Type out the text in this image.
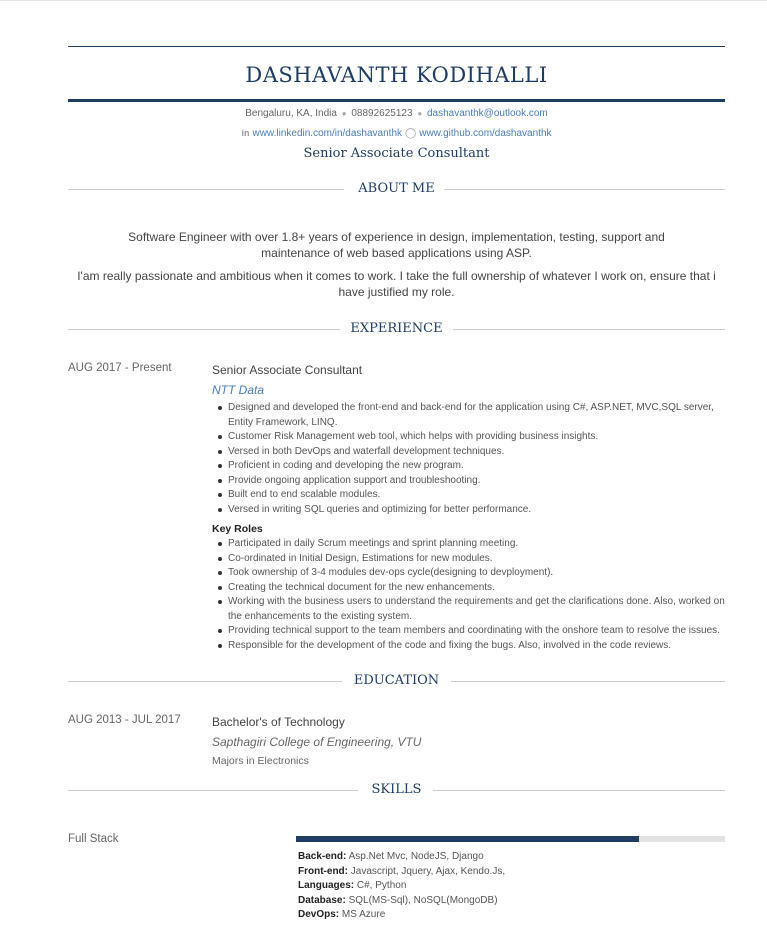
DASHAVANTH KODIHALLI
Bengaluru, KA, India ● 08892625123 ● dashavanthk@outlook.com
in www.linkedin.com/in/dashavanthk ◯ www.github.com/dashavanthk
Senior Associate Consultant
ABOUT ME

Software Engineer with over 1.8+ years of experience in design, implementation, testing, support and

maintenance of web based applications using ASP.

I'am really passionate and ambitious when it comes to work. I take the full ownership of whatever I work on, ensure that i

have justified my role.

EXPERIENCE
AUG 2017 - Present	Senior Associate Consultant
NTT Data
Designed and developed the front-end and back-end for the application using C#, ASP.NET, MVC,SQL server, Entity Framework, LINQ.
Customer Risk Management web tool, which helps with providing business insights.
Versed in both DevOps and waterfall development techniques.
Proficient in coding and developing the new program.
Provide ongoing application support and troubleshooting.
Built end to end scalable modules.
Versed in writing SQL queries and optimizing for better performance.
Key Roles
Participated in daily Scrum meetings and sprint planning meeting.
Co-ordinated in Initial Design, Estimations for new modules.
Took ownership of 3-4 modules dev-ops cycle(designing to devployment).
Creating the technical document for the new enhancements.
Working with the business users to understand the requirements and get the clarifications done. Also, worked on the enhancements to the existing system.
Providing technical support to the team members and coordinating with the onshore team to resolve the issues.
Responsible for the development of the code and fixing the bugs. Also, involved in the code reviews.
EDUCATION
AUG 2013 - JUL 2017	Bachelor's of Technology
Sapthagiri College of Engineering, VTU
Majors in Electronics
SKILLS
Full Stack
Back-end: Asp.Net Mvc, NodeJS, Django
Front-end: Javascript, Jquery, Ajax, Kendo.Js,
Languages: C#, Python
Database: SQL(MS-Sql), NoSQL(MongoDB)
DevOps: MS Azure
